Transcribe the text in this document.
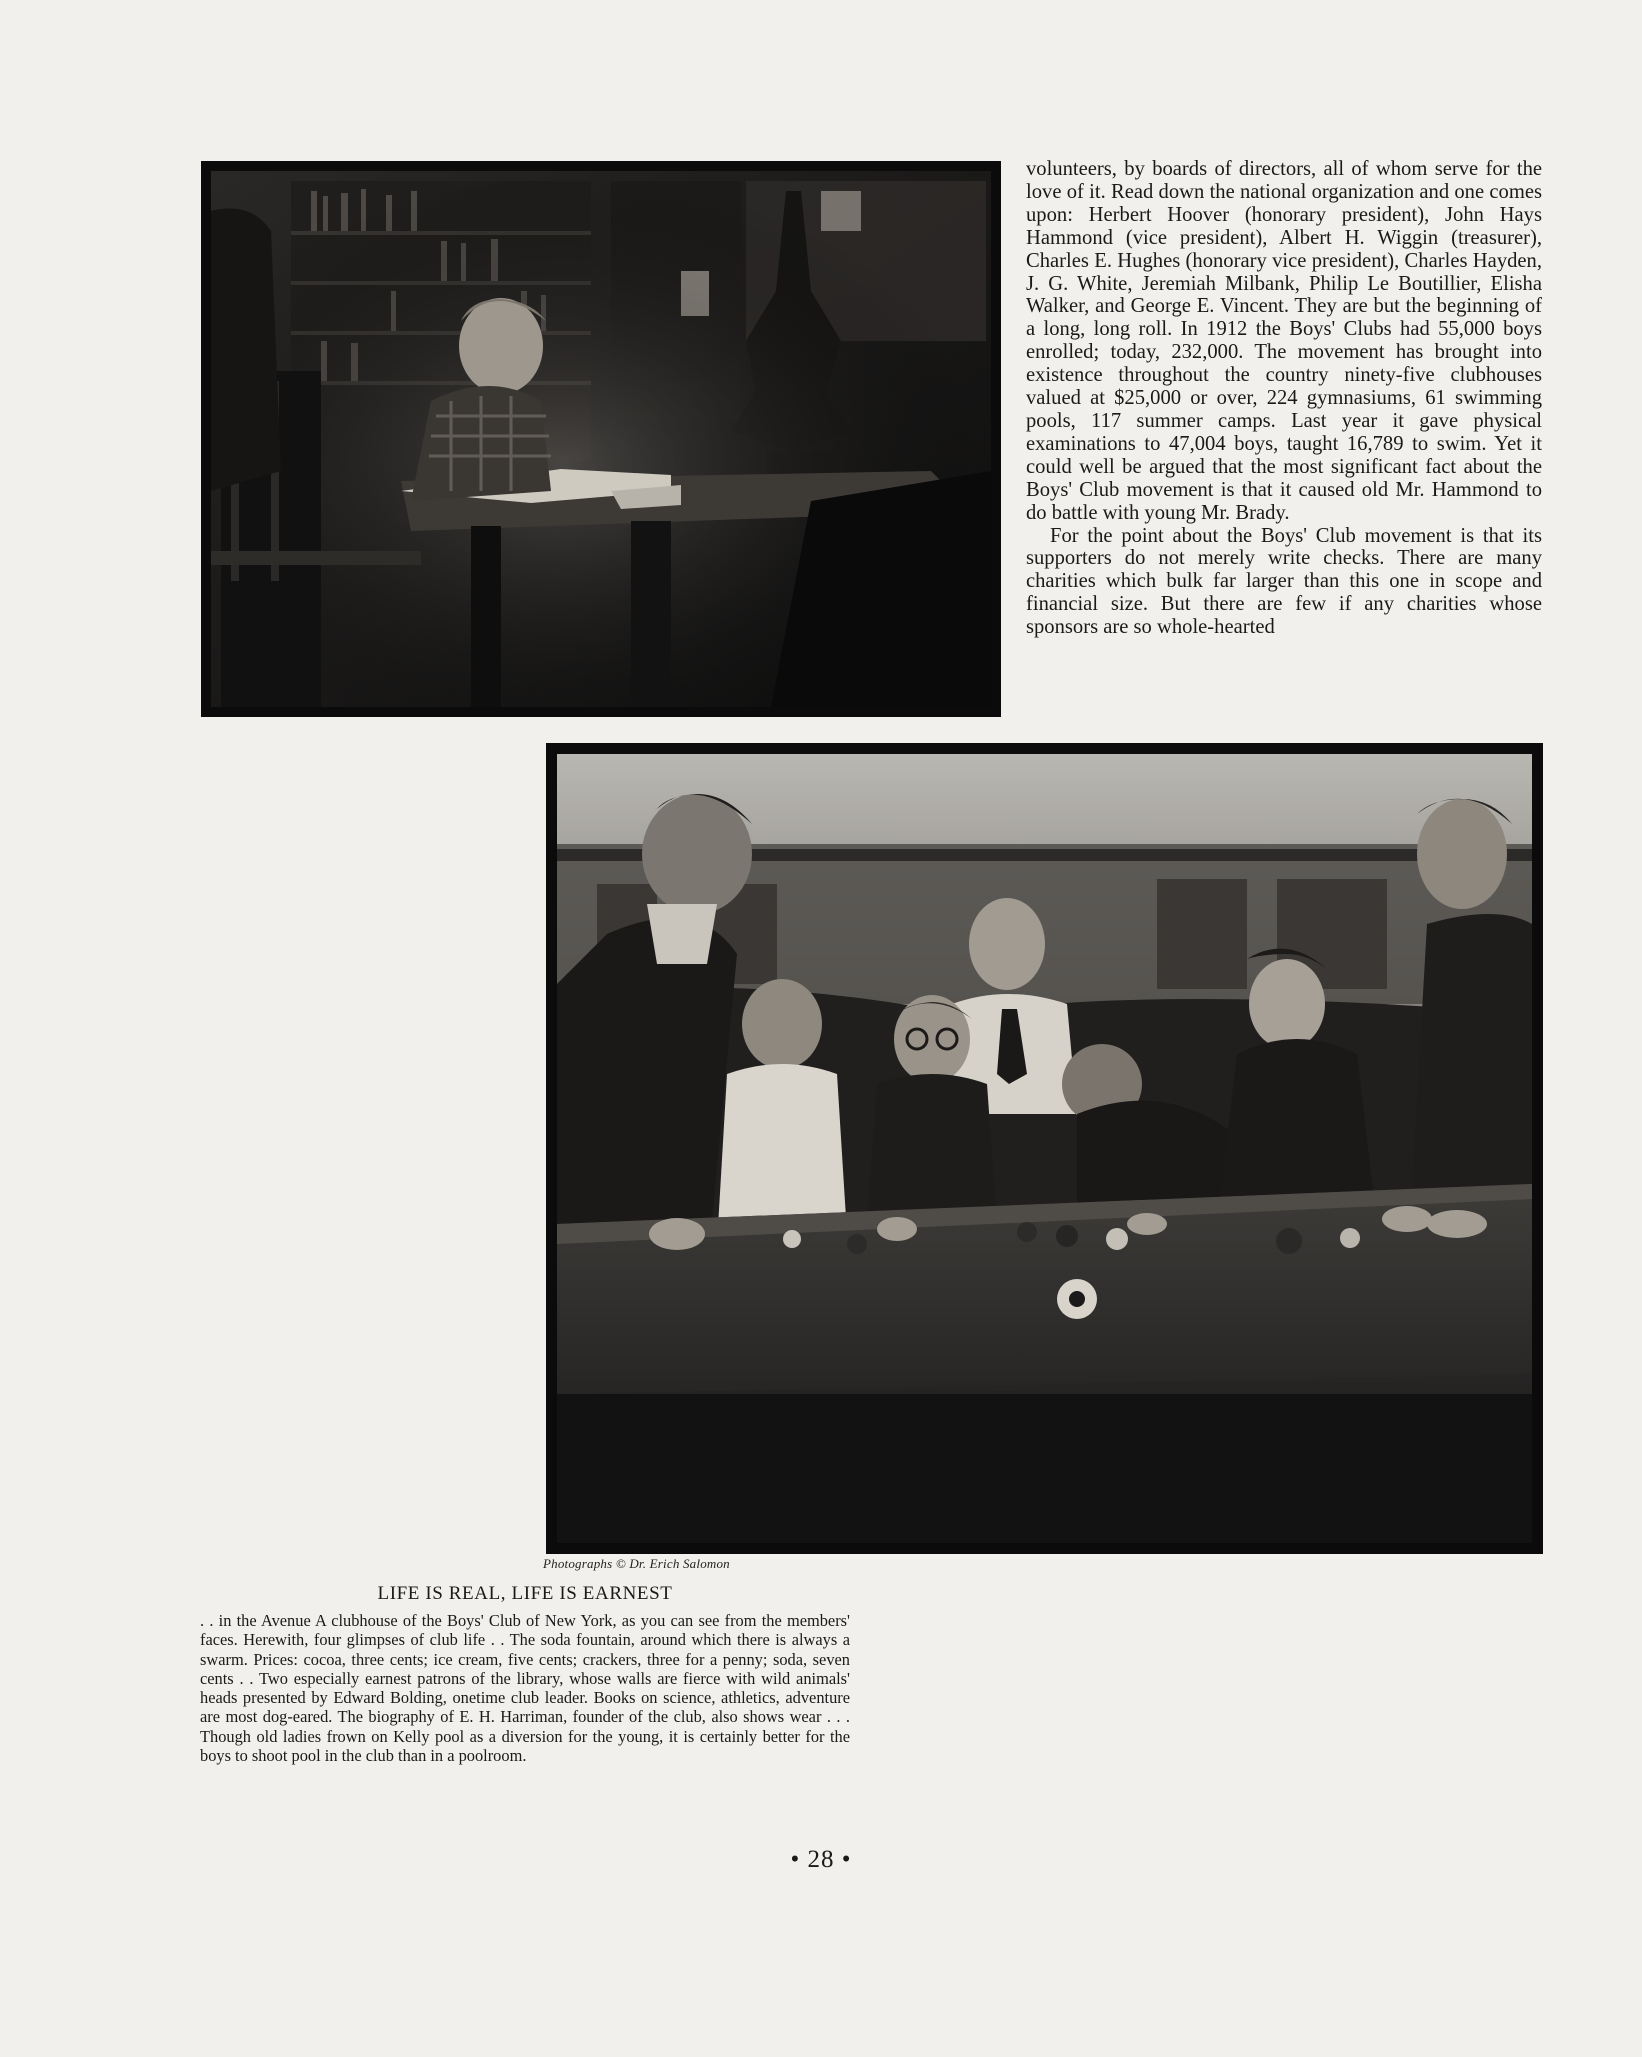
volunteers, by boards of directors, all of whom serve for the love of it. Read down the national organization and one comes upon: Herbert Hoover (honorary president), John Hays Hammond (vice president), Albert H. Wiggin (treasurer), Charles E. Hughes (honorary vice president), Charles Hayden, J. G. White, Jeremiah Milbank, Philip Le Boutillier, Elisha Walker, and George E. Vincent. They are but the beginning of a long, long roll. In 1912 the Boys' Clubs had 55,000 boys enrolled; today, 232,000. The movement has brought into existence throughout the country ninety-five clubhouses valued at $25,000 or over, 224 gymnasiums, 61 swimming pools, 117 summer camps. Last year it gave physical examinations to 47,004 boys, taught 16,789 to swim. Yet it could well be argued that the most significant fact about the Boys' Club movement is that it caused old Mr. Hammond to do battle with young Mr. Brady.

For the point about the Boys' Club movement is that its supporters do not merely write checks. There are many charities which bulk far larger than this one in scope and financial size. But there are few if any charities whose sponsors are so whole-hearted

Photographs © Dr. Erich Salomon
LIFE IS REAL, LIFE IS EARNEST

. . in the Avenue A clubhouse of the Boys' Club of New York, as you can see from the members' faces. Herewith, four glimpses of club life . . The soda fountain, around which there is always a swarm. Prices: cocoa, three cents; ice cream, five cents; crackers, three for a penny; soda, seven cents . . Two especially earnest patrons of the library, whose walls are fierce with wild animals' heads presented by Edward Bolding, onetime club leader. Books on science, athletics, adventure are most dog-eared. The biography of E. H. Harriman, founder of the club, also shows wear . . . Though old ladies frown on Kelly pool as a diversion for the young, it is certainly better for the boys to shoot pool in the club than in a poolroom.

• 28 •
